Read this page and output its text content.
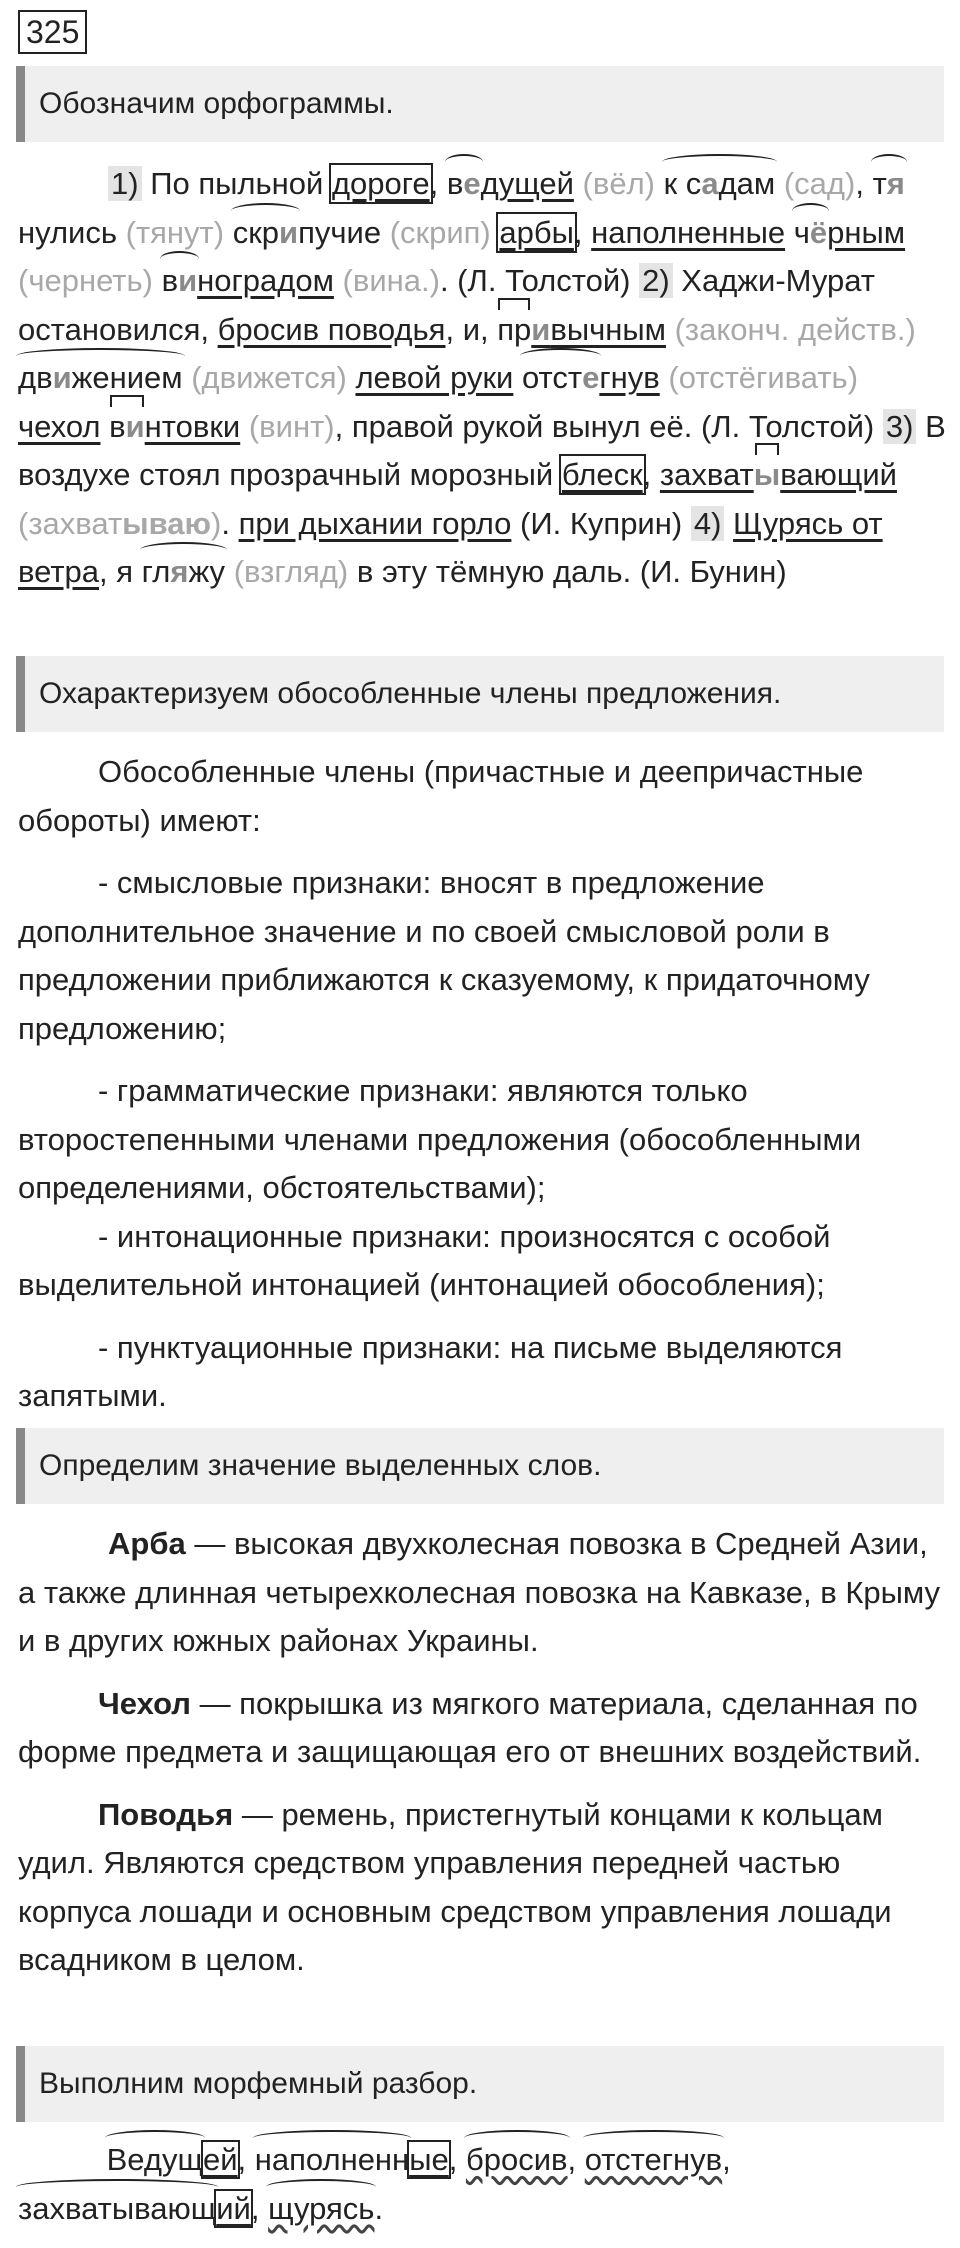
325
Обозначим орфограммы.
1) По пыльной дороге, ведущей (вёл) к садам (сад), тянулись (тянут) скрипучие (скрип) арбы, наполненные чёрным (чернеть) виноградом (вина.). (Л. Толстой) 2) Хаджи-Мурат остановился, бросив поводья, и, привычным (законч. действ.) движением (движется) левой руки отстегнув (отстёгивать) чехол винтовки (винт), правой рукой вынул её. (Л. Толстой) 3) В воздухе стоял прозрачный морозный блеск, захватывающий (захватываю). при дыхании горло (И. Куприн) 4) Щурясь от ветра, я гляжу (взгляд) в эту тёмную даль. (И. Бунин)
Охарактеризуем обособленные члены предложения.

Обособленные члены (причастные и деепричастные обороты) имеют:

- смысловые признаки: вносят в предложение дополнительное значение и по своей смысловой роли в предложении приближаются к сказуемому, к придаточному предложению;

- грамматические признаки: являются только второстепенными членами предложения (обособленными определениями, обстоятельствами);

- интонационные признаки: произносятся с особой выделительной интонацией (интонацией обособления);

- пунктуационные признаки: на письме выделяются запятыми.

Определим значение выделенных слов.

Арба — высокая двухколесная повозка в Средней Азии, а также длинная четырехколесная повозка на Кавказе, в Крыму и в других южных районах Украины.

Чехол — покрышка из мягкого материала, сделанная по форме предмета и защищающая его от внешних воздействий.

Поводья — ремень, пристегнутый концами к кольцам удил. Являются средством управления передней частью корпуса лошади и основным средством управления лошади всадником в целом.

Выполним морфемный разбор.
Ведущей, наполненные, бросив, отстегнув,
захватывающий, щурясь.
